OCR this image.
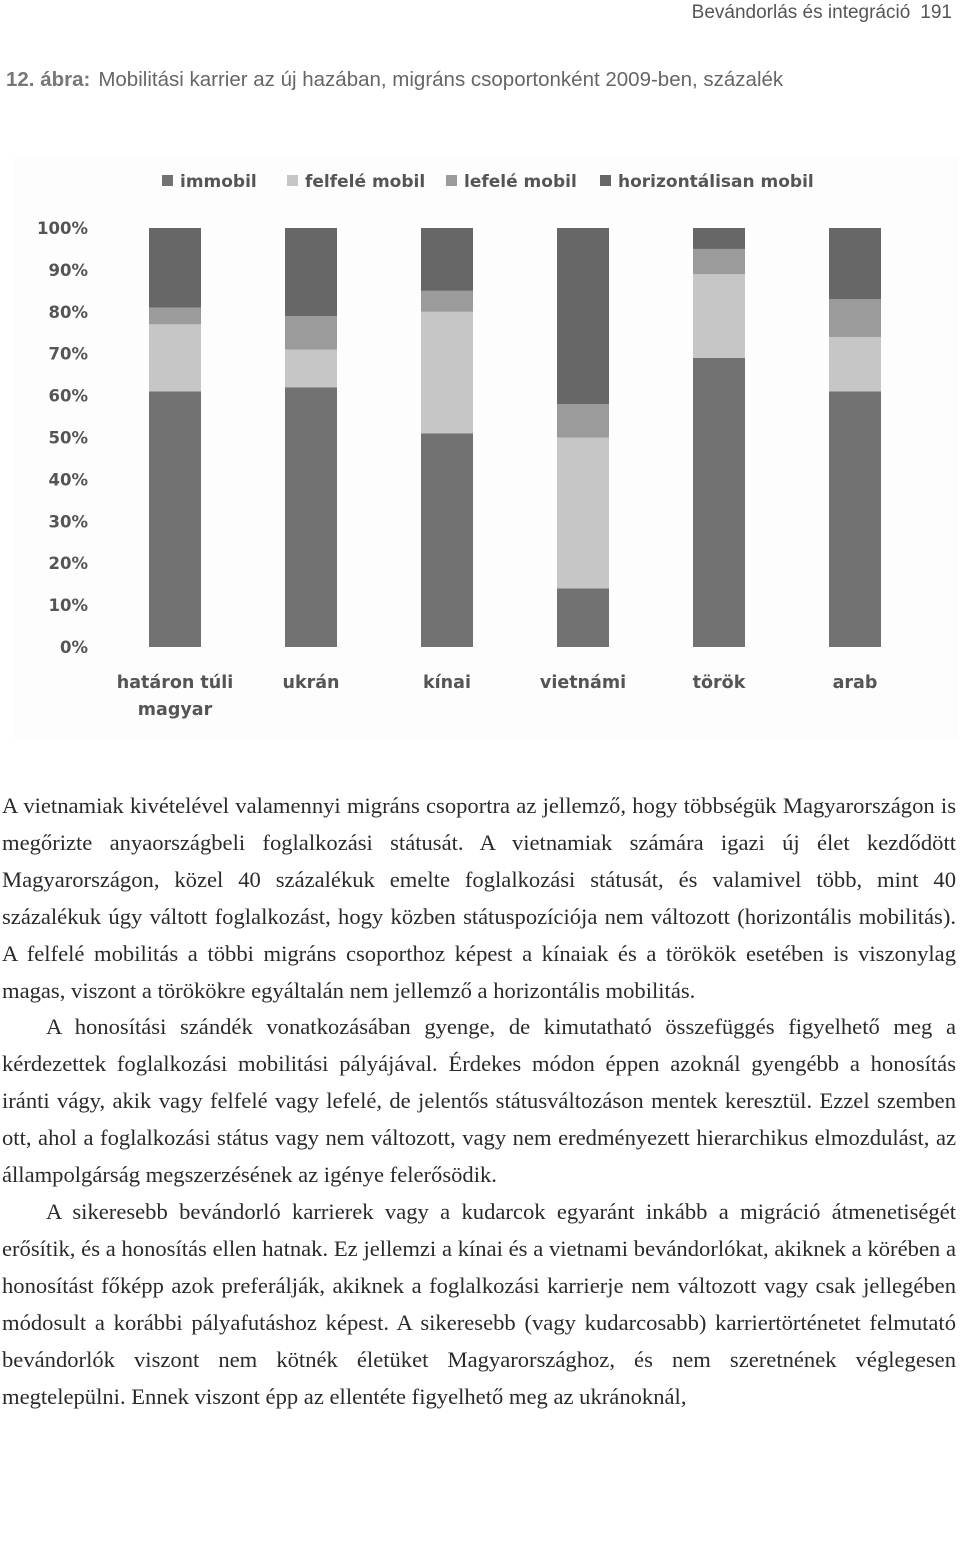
Bevándorlás és integráció 191
12. ábra: Mobilitási karrier az új hazában, migráns csoportonként 2009-ben, százalék
immobil	felfelé mobil lefelé mobil horizontálisan mobil
0%
10%
20%
30%
40%
50%
60%
70%
80%
90%
100%
határon túli
magyar
ukrán	kínai	vietnámi	török	arab

A vietnamiak kivételével valamennyi migráns csoportra az jellemző, hogy többségük Magyarországon is megőrizte anyaországbeli foglalkozási státusát. A vietnamiak számára igazi új élet kezdődött Magyarországon, közel 40 százalékuk emelte foglalkozási státusát, és valamivel több, mint 40 százalékuk úgy váltott foglalkozást, hogy közben státuspozíciója nem változott (horizontális mobilitás). A felfelé mobilitás a többi migráns csoporthoz képest a kínaiak és a törökök esetében is viszonylag magas, viszont a törökökre egyáltalán nem jellemző a horizontális mobilitás.

A honosítási szándék vonatkozásában gyenge, de kimutatható összefüggés figyelhető meg a kérdezettek foglalkozási mobilitási pályájával. Érdekes módon éppen azoknál gyengébb a honosítás iránti vágy, akik vagy felfelé vagy lefelé, de jelentős státusváltozáson mentek keresztül. Ezzel szemben ott, ahol a foglalkozási státus vagy nem változott, vagy nem eredményezett hierarchikus elmozdulást, az állampolgárság megszerzésének az igénye felerősödik.

A sikeresebb bevándorló karrierek vagy a kudarcok egyaránt inkább a migráció átmenetiségét erősítik, és a honosítás ellen hatnak. Ez jellemzi a kínai és a vietnami bevándorlókat, akiknek a körében a honosítást főképp azok preferálják, akiknek a foglalkozási karrierje nem változott vagy csak jellegében módosult a korábbi pályafutáshoz képest. A sikeresebb (vagy kudarcosabb) karriertörténetet felmutató bevándorlók viszont nem kötnék életüket Magyarországhoz, és nem szeretnének véglegesen megtelepülni. Ennek viszont épp az ellentéte figyelhető meg az ukránoknál,
